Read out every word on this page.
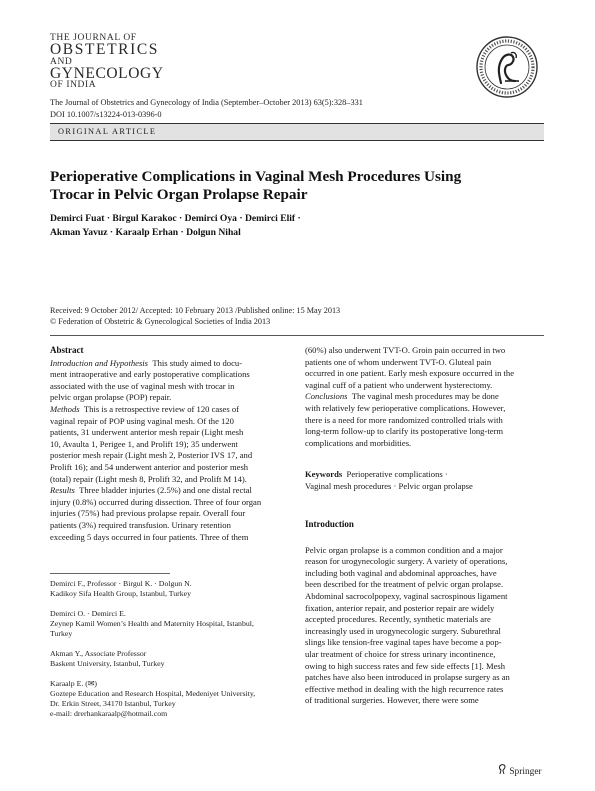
THE JOURNAL OF
OBSTETRICS
AND
GYNECOLOGY
OF INDIA
The Journal of Obstetrics and Gynecology of India (September–October 2013) 63(5):328–331
DOI 10.1007/s13224-013-0396-0
ORIGINAL ARTICLE
Perioperative Complications in Vaginal Mesh Procedures Using
Trocar in Pelvic Organ Prolapse Repair
Demirci Fuat · Birgul Karakoc · Demirci Oya · Demirci Elif ·
Akman Yavuz · Karaalp Erhan · Dolgun Nihal
Received: 9 October 2012/ Accepted: 10 February 2013 /Published online: 15 May 2013
© Federation of Obstetric & Gynecological Societies of India 2013
Abstract
Introduction and Hypothesis This study aimed to docu-
ment intraoperative and early postoperative complications
associated with the use of vaginal mesh with trocar in
pelvic organ prolapse (POP) repair.
Methods This is a retrospective review of 120 cases of
vaginal repair of POP using vaginal mesh. Of the 120
patients, 31 underwent anterior mesh repair (Light mesh
10, Avaulta 1, Perigee 1, and Prolift 19); 35 underwent
posterior mesh repair (Light mesh 2, Posterior IVS 17, and
Prolift 16); and 54 underwent anterior and posterior mesh
(total) repair (Light mesh 8, Prolift 32, and Prolift M 14).
Results Three bladder injuries (2.5%) and one distal rectal
injury (0.8%) occurred during dissection. Three of four organ
injuries (75%) had previous prolapse repair. Overall four
patients (3%) required transfusion. Urinary retention
exceeding 5 days occurred in four patients. Three of them
(60%) also underwent TVT-O. Groin pain occurred in two
patients one of whom underwent TVT-O. Gluteal pain
occurred in one patient. Early mesh exposure occurred in the
vaginal cuff of a patient who underwent hysterectomy.
Conclusions The vaginal mesh procedures may be done
with relatively few perioperative complications. However,
there is a need for more randomized controlled trials with
long-term follow-up to clarify its postoperative long-term
complications and morbidities.
Keywords Perioperative complications ·
Vaginal mesh procedures · Pelvic organ prolapse
Introduction
Pelvic organ prolapse is a common condition and a major
reason for urogynecologic surgery. A variety of operations,
including both vaginal and abdominal approaches, have
been described for the treatment of pelvic organ prolapse.
Abdominal sacrocolpopexy, vaginal sacrospinous ligament
fixation, anterior repair, and posterior repair are widely
accepted procedures. Recently, synthetic materials are
increasingly used in urogynecologic surgery. Suburethral
slings like tension-free vaginal tapes have become a pop-
ular treatment of choice for stress urinary incontinence,
owing to high success rates and few side effects [1]. Mesh
patches have also been introduced in prolapse surgery as an
effective method in dealing with the high recurrence rates
of traditional surgeries. However, there were some
Demirci F., Professor · Birgul K. · Dolgun N.
Kadikoy Sifa Health Group, Istanbul, Turkey
Demirci O. · Demirci E.
Zeynep Kamil Women’s Health and Maternity Hospital, Istanbul,
Turkey
Akman Y., Associate Professor
Baskent University, Istanbul, Turkey
Karaalp E. (✉)
Goztepe Education and Research Hospital, Medeniyet University,
Dr. Erkin Street, 34170 Istanbul, Turkey
e-mail: drerhankaraalp@hotmail.com
Springer
